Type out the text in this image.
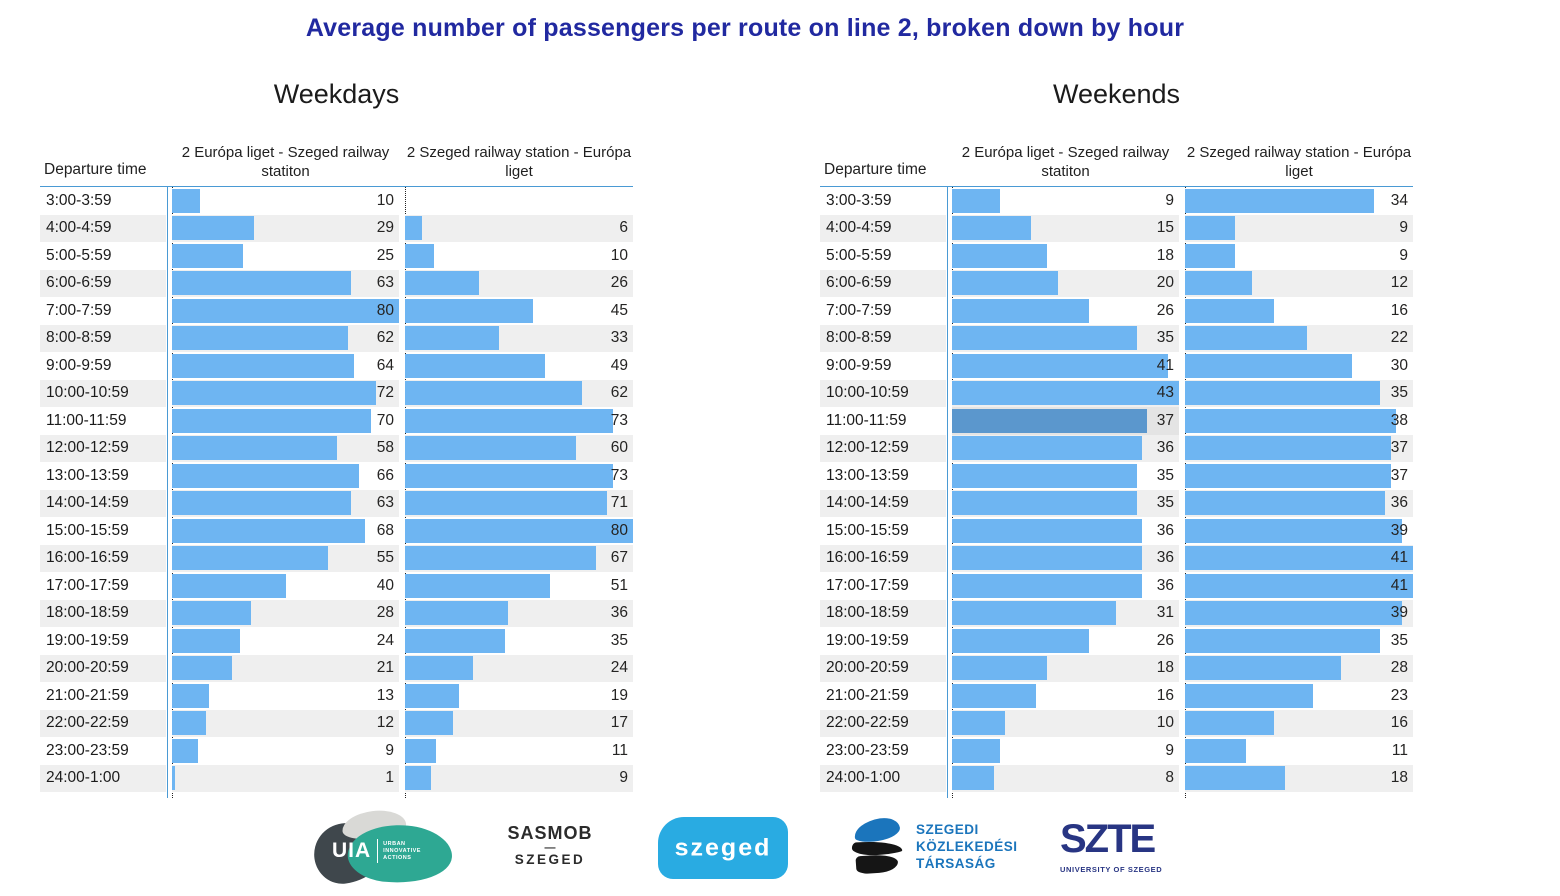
Average number of passengers per route on line 2, broken down by hour
Weekdays
Departure time
2 Európa liget - Szeged railway statiton
2 Szeged railway station - Európa liget
3:00-3:59	10
4:00-4:59	29	6
5:00-5:59	25	10
6:00-6:59	63	26
7:00-7:59	80	45
8:00-8:59	62	33
9:00-9:59	64	49
10:00-10:59	72	62
11:00-11:59	70	73
12:00-12:59	58	60
13:00-13:59	66	73
14:00-14:59	63	71
15:00-15:59	68	80
16:00-16:59	55	67
17:00-17:59	40	51
18:00-18:59	28	36
19:00-19:59	24	35
20:00-20:59	21	24
21:00-21:59	13	19
22:00-22:59	12	17
23:00-23:59	9	11
24:00-1:00	1	9
Weekends
Departure time
2 Európa liget - Szeged railway statiton
2 Szeged railway station - Európa liget
3:00-3:59	9	34
4:00-4:59	15	9
5:00-5:59	18	9
6:00-6:59	20	12
7:00-7:59	26	16
8:00-8:59	35	22
9:00-9:59	41	30
10:00-10:59	43	35
11:00-11:59	37	38
12:00-12:59	36	37
13:00-13:59	35	37
14:00-14:59	35	36
15:00-15:59	36	39
16:00-16:59	36	41
17:00-17:59	36	41
18:00-18:59	31	39
19:00-19:59	26	35
20:00-20:59	18	28
21:00-21:59	16	23
22:00-22:59	10	16
23:00-23:59	9	11
24:00-1:00	8	18
UIA	URBAN
INNOVATIVE
ACTIONS
SASMOB
—
SZEGED	szeged
SZEGEDI
KÖZLEKEDÉSI
TÁRSASÁG
SZTE
UNIVERSITY OF SZEGED
